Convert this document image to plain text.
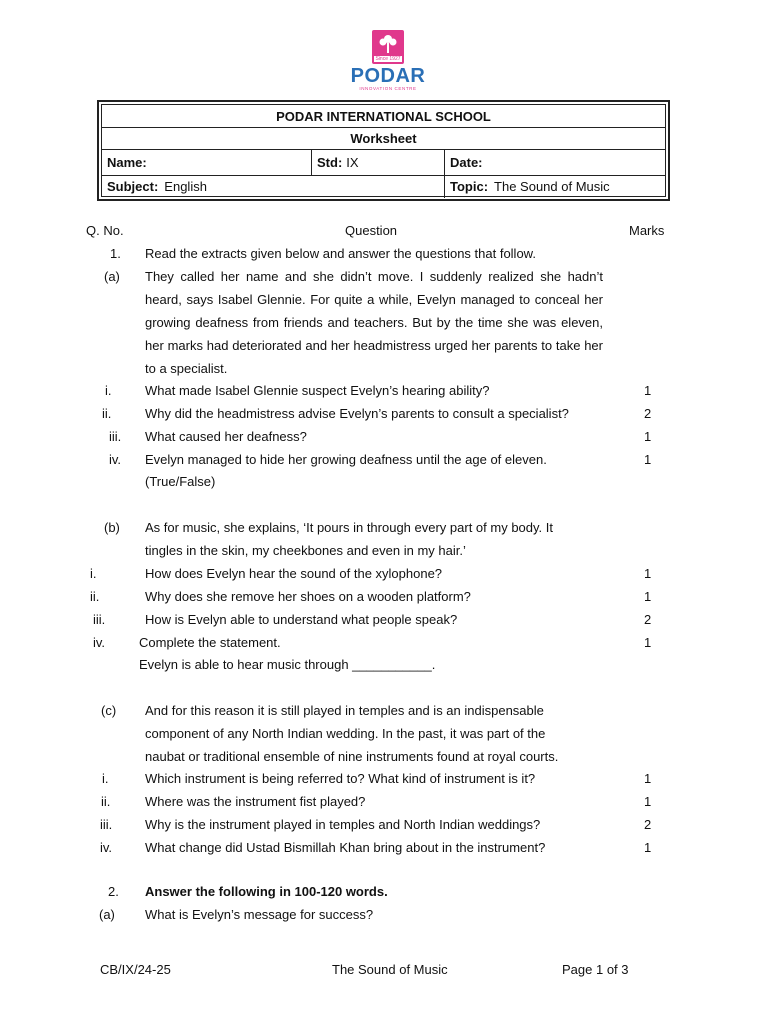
Since 1927
PODAR
INNOVATION CENTRE
PODAR INTERNATIONAL SCHOOL
Worksheet
Name:	Std: IX	Date:
Subject: English	Topic: The Sound of Music
Q. No.	Question	Marks
1. Read the extracts given below and answer the questions that follow.
(a) They called her name and she didn’t move. I suddenly realized she hadn’t heard, says Isabel Glennie. For quite a while, Evelyn managed to conceal her growing deafness from friends and teachers. But by the time she was eleven, her marks had deteriorated and her headmistress urged her parents to take her to a specialist.
i.	What made Isabel Glennie suspect Evelyn’s hearing ability?	1
ii.	Why did the headmistress advise Evelyn’s parents to consult a specialist?	2
iii. What caused her deafness?	1
iv. Evelyn managed to hide her growing deafness until the age of eleven.	1
(True/False)
(b) As for music, she explains, ‘It pours in through every part of my body. It
tingles in the skin, my cheekbones and even in my hair.’
i.	How does Evelyn hear the sound of the xylophone?	1
ii.	Why does she remove her shoes on a wooden platform?	1
iii.	How is Evelyn able to understand what people speak?	2
iv.	Complete the statement.	1
Evelyn is able to hear music through ___________.
(c) And for this reason it is still played in temples and is an indispensable
component of any North Indian wedding. In the past, it was part of the
naubat or traditional ensemble of nine instruments found at royal courts.
i.	Which instrument is being referred to? What kind of instrument is it?	1
ii.	Where was the instrument fist played?	1
iii.	Why is the instrument played in temples and North Indian weddings?	2
iv.	What change did Ustad Bismillah Khan bring about in the instrument?	1
2. Answer the following in 100-120 words.
(a) What is Evelyn’s message for success?
CB/IX/24-25	The Sound of Music	Page 1 of 3
